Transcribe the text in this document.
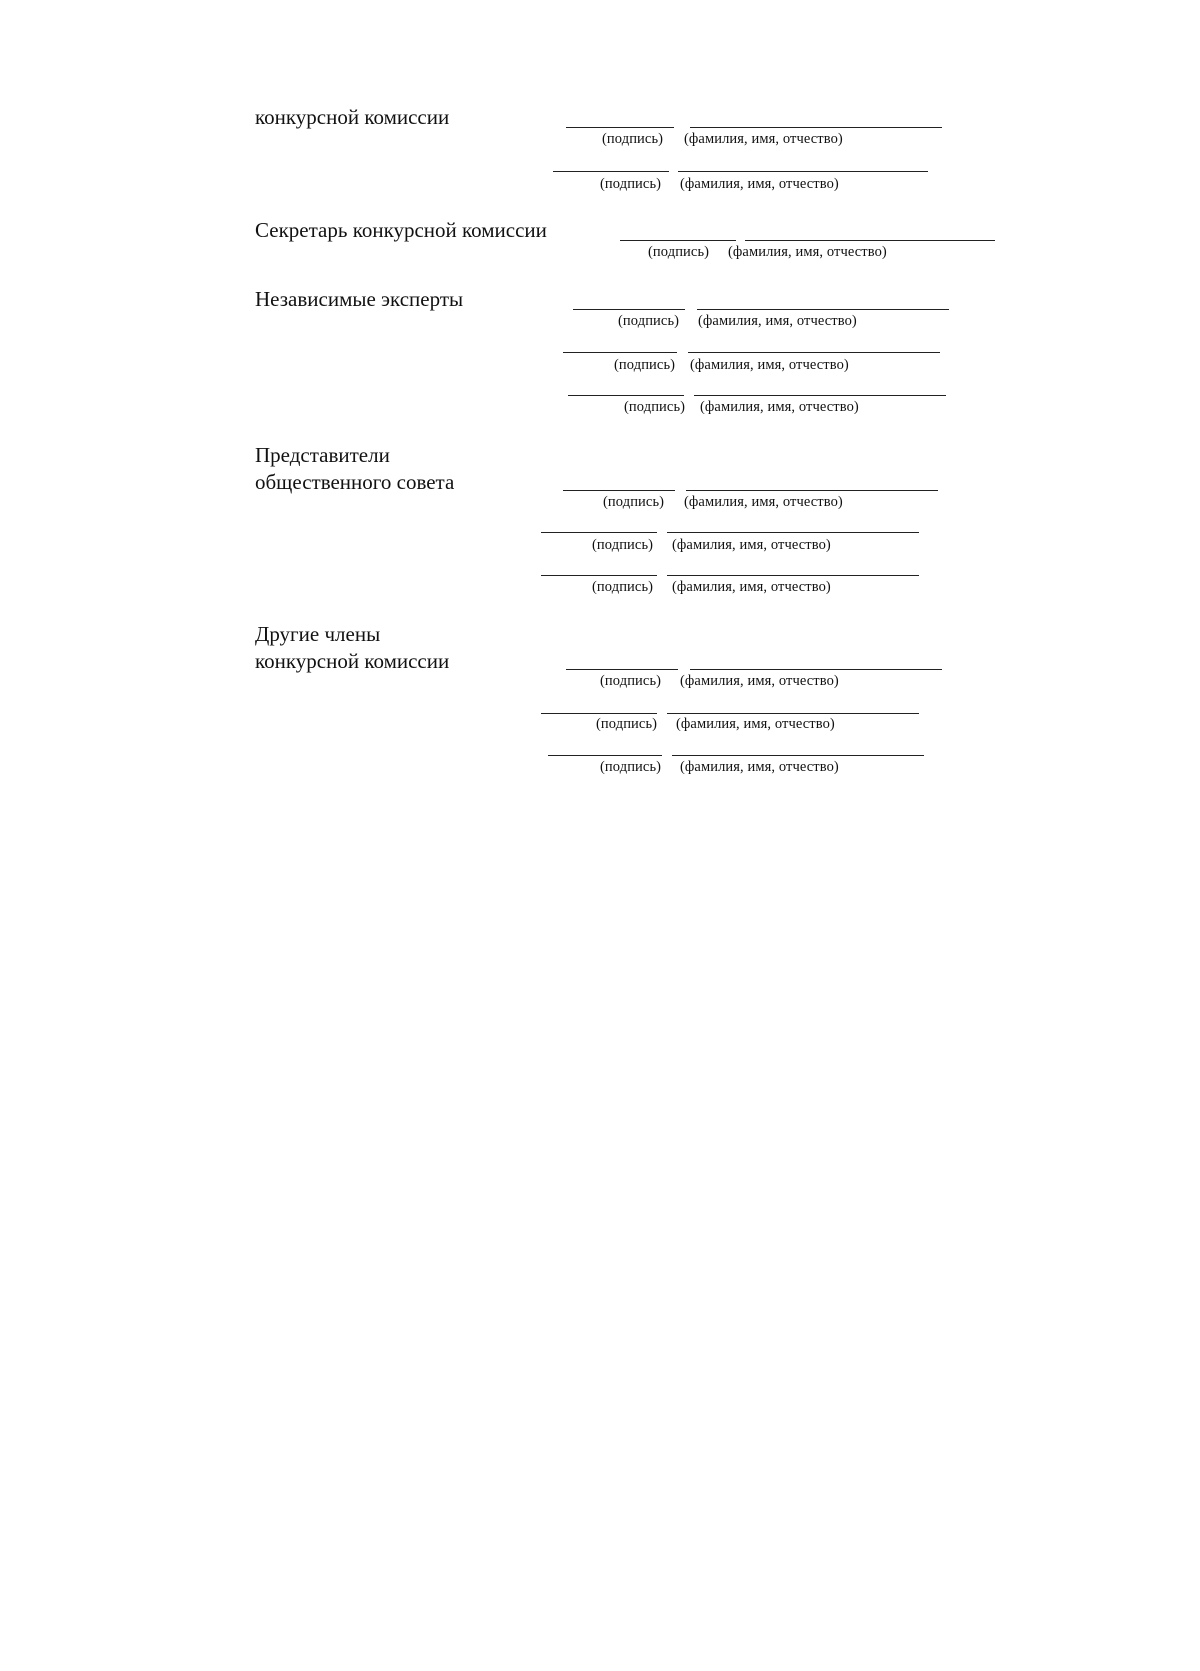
конкурсной комиссии
(подпись) (фамилия, имя, отчество)
(подпись) (фамилия, имя, отчество)
Секретарь конкурсной комиссии
(подпись) (фамилия, имя, отчество)
Независимые эксперты
(подпись) (фамилия, имя, отчество)
(подпись) (фамилия, имя, отчество)
(подпись) (фамилия, имя, отчество)
Представители
общественного совета
(подпись) (фамилия, имя, отчество)
(подпись) (фамилия, имя, отчество)
(подпись) (фамилия, имя, отчество)
Другие члены
конкурсной комиссии
(подпись) (фамилия, имя, отчество)
(подпись) (фамилия, имя, отчество)
(подпись) (фамилия, имя, отчество)
